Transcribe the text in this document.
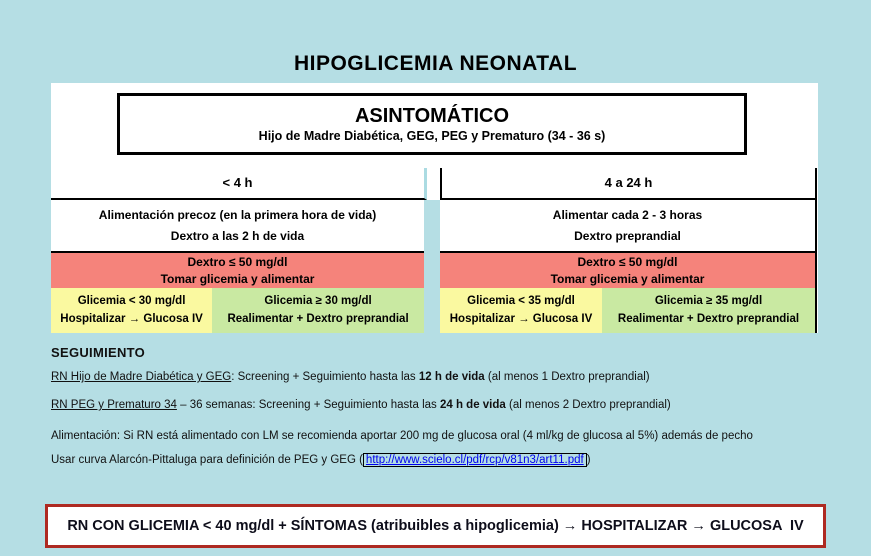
HIPOGLICEMIA NEONATAL
ASINTOMÁTICO
Hijo de Madre Diabética, GEG, PEG y Prematuro (34 - 36 s)
< 4 h
Alimentación precoz (en la primera hora de vida)
Dextro a las 2 h de vida
Dextro ≤ 50 mg/dl
Tomar glicemia y alimentar
Glicemia < 30 mg/dl
Hospitalizar → Glucosa IV
Glicemia ≥ 30 mg/dl
Realimentar + Dextro preprandial
4 a 24 h
Alimentar cada 2 - 3 horas
Dextro preprandial
Dextro ≤ 50 mg/dl
Tomar glicemia y alimentar
Glicemia < 35 mg/dl
Hospitalizar → Glucosa IV
Glicemia ≥ 35 mg/dl
Realimentar + Dextro preprandial
SEGUIMIENTO
RN Hijo de Madre Diabética y GEG: Screening + Seguimiento hasta las 12 h de vida (al menos 1 Dextro preprandial)
RN PEG y Prematuro 34 – 36 semanas: Screening + Seguimiento hasta las 24 h de vida (al menos 2 Dextro preprandial)
Alimentación: Si RN está alimentado con LM se recomienda aportar 200 mg de glucosa oral (4 ml/kg de glucosa al 5%) además de pecho
Usar curva Alarcón-Pittaluga para definición de PEG y GEG ( http://www.scielo.cl/pdf/rcp/v81n3/art11.pdf )
RN CON GLICEMIA < 40 mg/dl + SÍNTOMAS (atribuibles a hipoglicemia) → HOSPITALIZAR → GLUCOSA  IV
